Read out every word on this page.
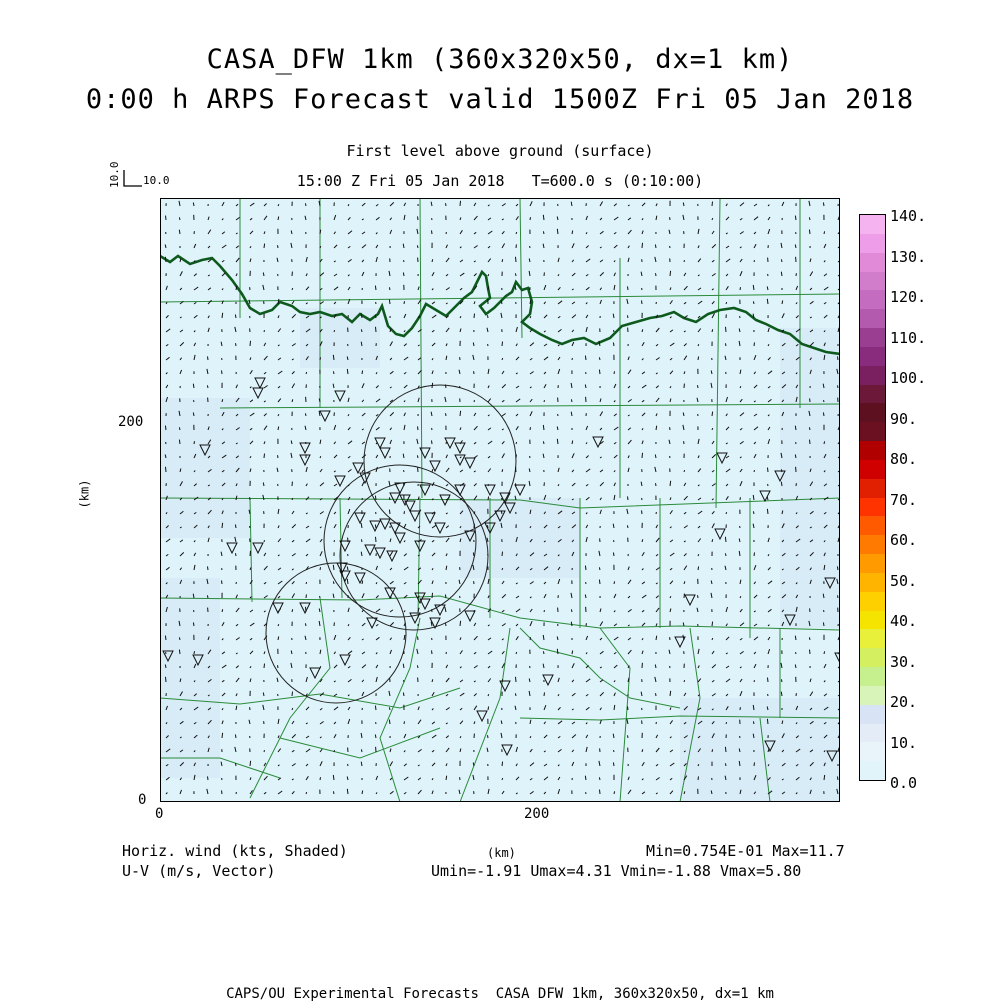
CASA_DFW 1km (360x320x50, dx=1 km)
0:00 h ARPS Forecast valid 1500Z Fri 05 Jan 2018
First level above ground (surface)
15:00 Z Fri 05 Jan 2018   T=600.0 s (0:10:00)
10.0 10.0
(km)
200
0
0	200
140.
130.
120.
110.
100.
90.
80.
70.
60.
50.
40.
30.
20.
10.
0.0
Horiz. wind (kts, Shaded)
U-V (m/s, Vector)
(km)	Min=0.754E-01 Max=11.7
Umin=-1.91 Umax=4.31 Vmin=-1.88 Vmax=5.80
CAPS/OU Experimental Forecasts  CASA DFW 1km, 360x320x50, dx=1 km
